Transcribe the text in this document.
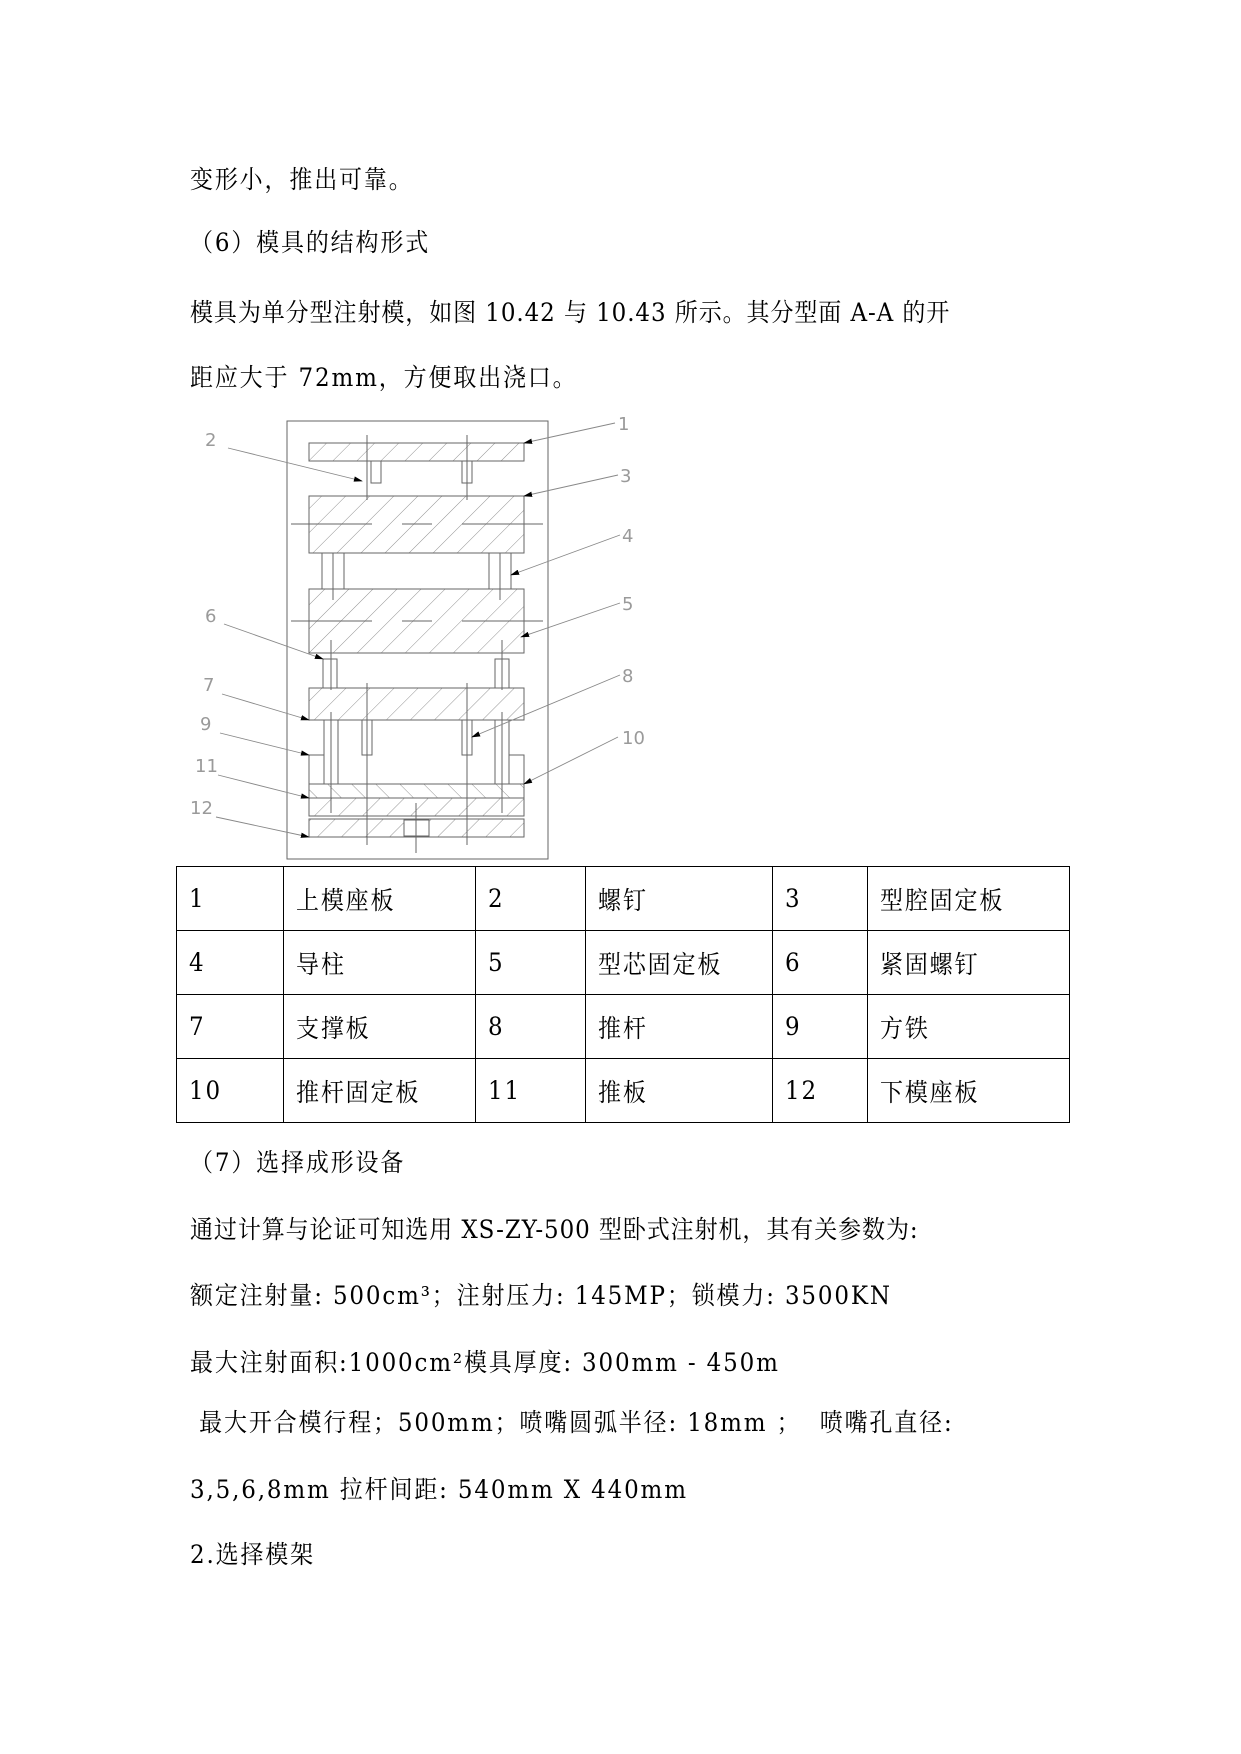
变形小，推出可靠。
（6）模具的结构形式
模具为单分型注射模，如图 10.42 与 10.43 所示。其分型面 A-A 的开
距应大于 72mm，方便取出浇口。
1
2
3
4
5
6
7	8
9
10
11
12
1	上模座板	2	螺钉	3	型腔固定板
4	导柱	5	型芯固定板	6	紧固螺钉
7	支撑板	8	推杆	9	方铁
10	推杆固定板	11	推板	12	下模座板
（7）选择成形设备
通过计算与论证可知选用 XS-ZY-500 型卧式注射机，其有关参数为:
额定注射量: 500cm³；注射压力: 145MP；锁模力: 3500KN
最大注射面积:1000cm²模具厚度: 300mm - 450m
最大开合模行程；500mm；喷嘴圆弧半径: 18mm ；  喷嘴孔直径:
3,5,6,8mm 拉杆间距: 540mm X 440mm
2.选择模架
